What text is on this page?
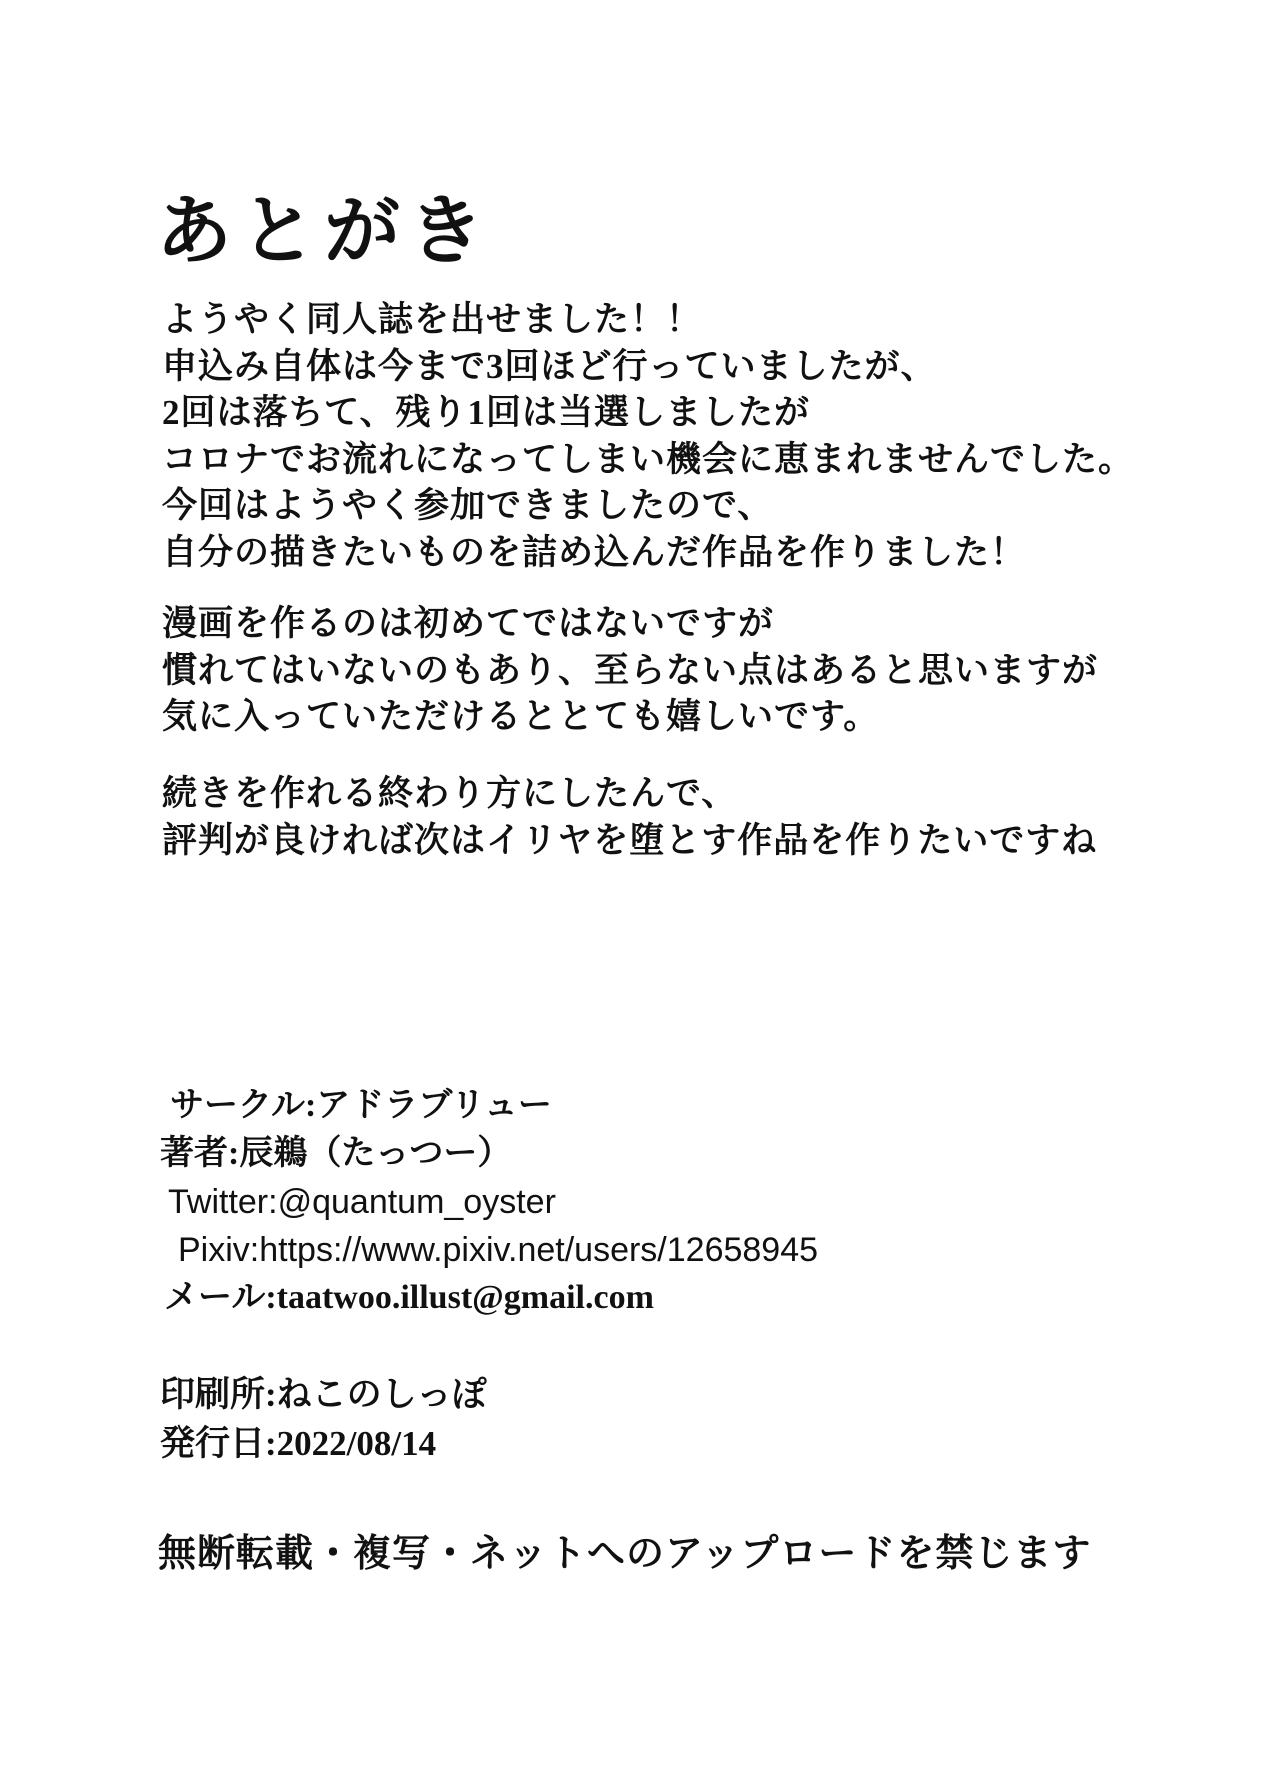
あとがき
ようやく同人誌を出せました！！
申込み自体は今まで3回ほど行っていましたが、
2回は落ちて、残り1回は当選しましたが
コロナでお流れになってしまい機会に恵まれませんでした。
今回はようやく参加できましたので、
自分の描きたいものを詰め込んだ作品を作りました！
漫画を作るのは初めてではないですが
慣れてはいないのもあり、至らない点はあると思いますが
気に入っていただけるととても嬉しいです。
続きを作れる終わり方にしたんで、
評判が良ければ次はイリヤを堕とす作品を作りたいですね
サークル:アドラブリュー
著者:辰鵜（たっつー）
Twitter:@quantum_oyster
Pixiv:https://www.pixiv.net/users/12658945
メール:taatwoo.illust@gmail.com
印刷所:ねこのしっぽ
発行日:2022/08/14
無断転載・複写・ネットへのアップロードを禁じます
